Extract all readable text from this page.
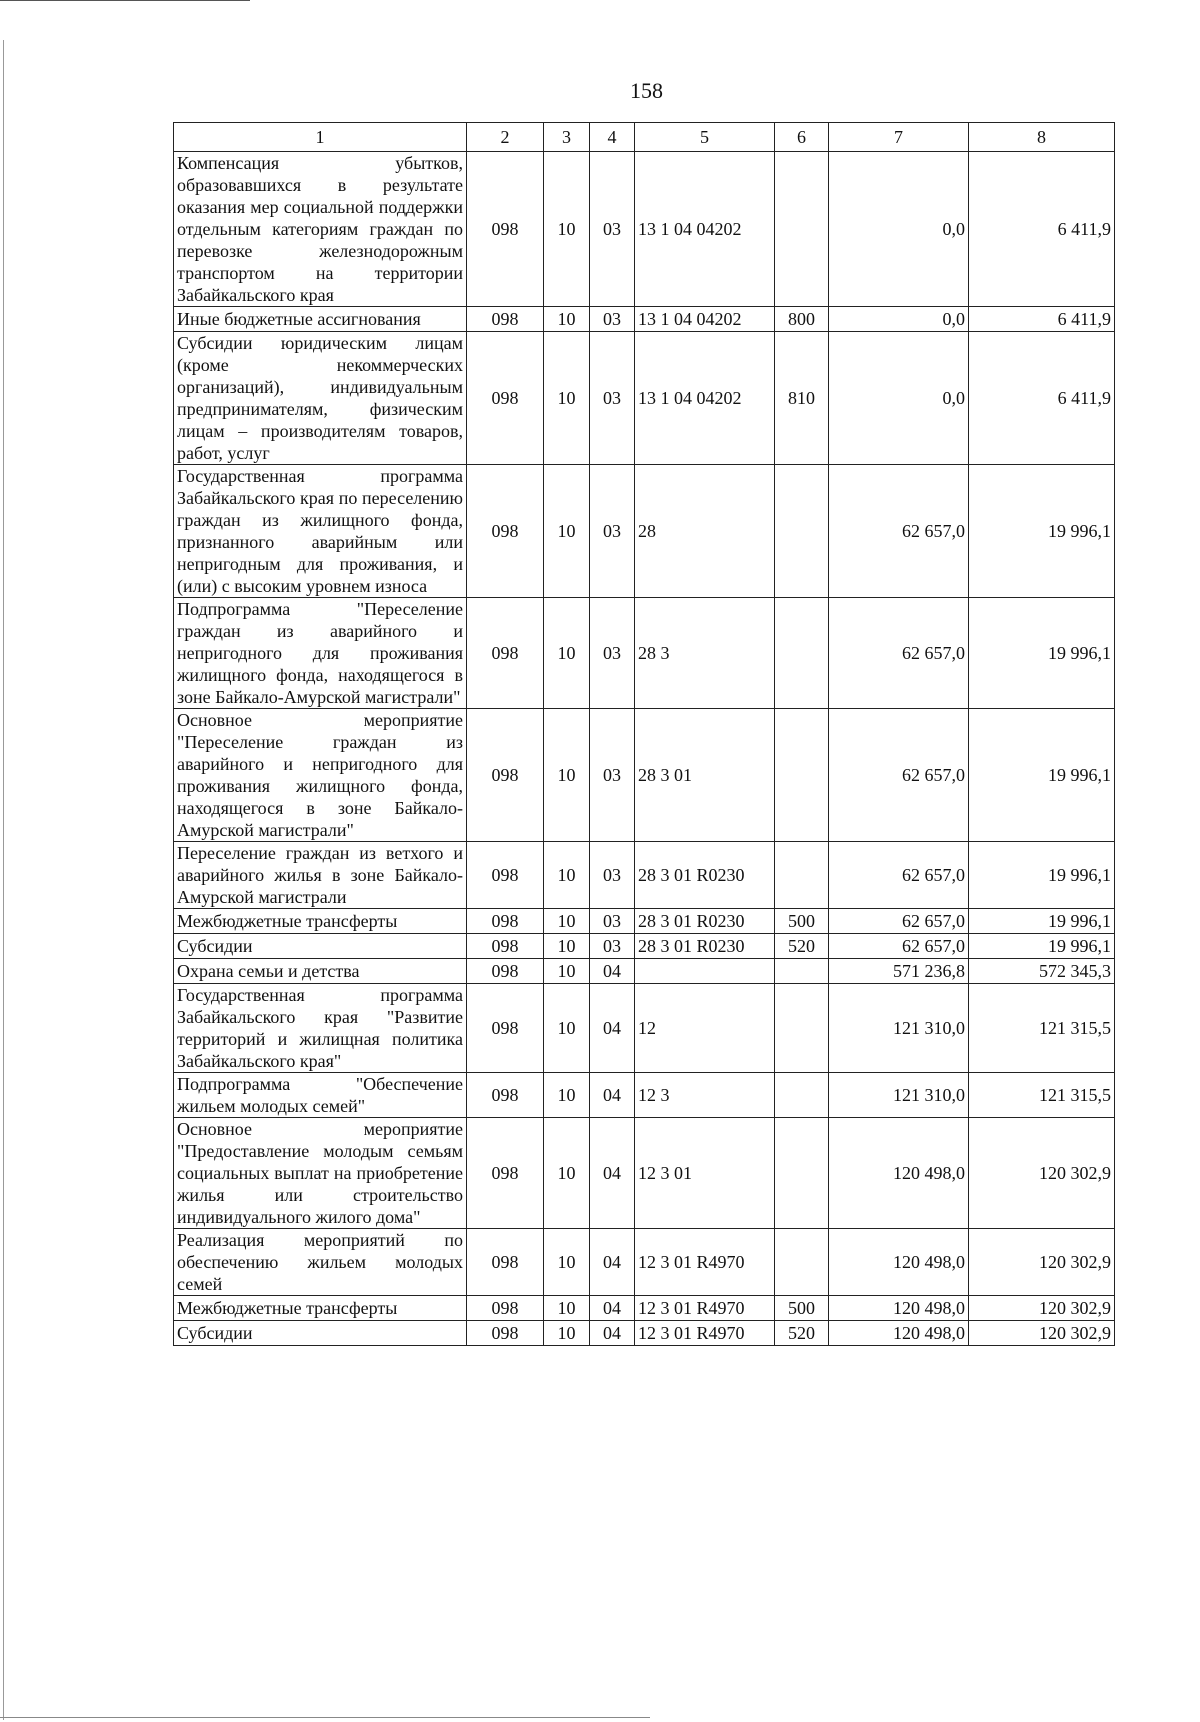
158
1	2	3	4	5	6	7	8
Компенсация убытков, образовавшихся в результате оказания мер социальной поддержки отдельным категориям граждан по перевозке железнодорожным транспортом на территории Забайкальского края	098	10	03	13 1 04 04202		0,0	6 411,9
Иные бюджетные ассигнования	098	10	03	13 1 04 04202	800	0,0	6 411,9
Субсидии юридическим лицам (кроме некоммерческих организаций), индивидуальным предпринимателям, физическим лицам – производителям товаров, работ, услуг	098	10	03	13 1 04 04202	810	0,0	6 411,9
Государственная программа Забайкальского края по переселению граждан из жилищного фонда, признанного аварийным или непригодным для проживания, и (или) с высоким уровнем износа	098	10	03	28		62 657,0	19 996,1
Подпрограмма "Переселение граждан из аварийного и непригодного для проживания жилищного фонда, находящегося в зоне Байкало-Амурской магистрали"	098	10	03	28 3		62 657,0	19 996,1
Основное мероприятие "Переселение граждан из аварийного и непригодного для проживания жилищного фонда, находящегося в зоне Байкало-Амурской магистрали"	098	10	03	28 3 01		62 657,0	19 996,1
Переселение граждан из ветхого и аварийного жилья в зоне Байкало-Амурской магистрали	098	10	03	28 3 01 R0230		62 657,0	19 996,1
Межбюджетные трансферты	098	10	03	28 3 01 R0230	500	62 657,0	19 996,1
Субсидии	098	10	03	28 3 01 R0230	520	62 657,0	19 996,1
Охрана семьи и детства	098	10	04			571 236,8	572 345,3
Государственная программа Забайкальского края "Развитие территорий и жилищная политика Забайкальского края"	098	10	04	12		121 310,0	121 315,5
Подпрограмма "Обеспечение жильем молодых семей"	098	10	04	12 3		121 310,0	121 315,5
Основное мероприятие "Предоставление молодым семьям социальных выплат на приобретение жилья или строительство индивидуального жилого дома"	098	10	04	12 3 01		120 498,0	120 302,9
Реализация мероприятий по обеспечению жильем молодых семей	098	10	04	12 3 01 R4970		120 498,0	120 302,9
Межбюджетные трансферты	098	10	04	12 3 01 R4970	500	120 498,0	120 302,9
Субсидии	098	10	04	12 3 01 R4970	520	120 498,0	120 302,9
